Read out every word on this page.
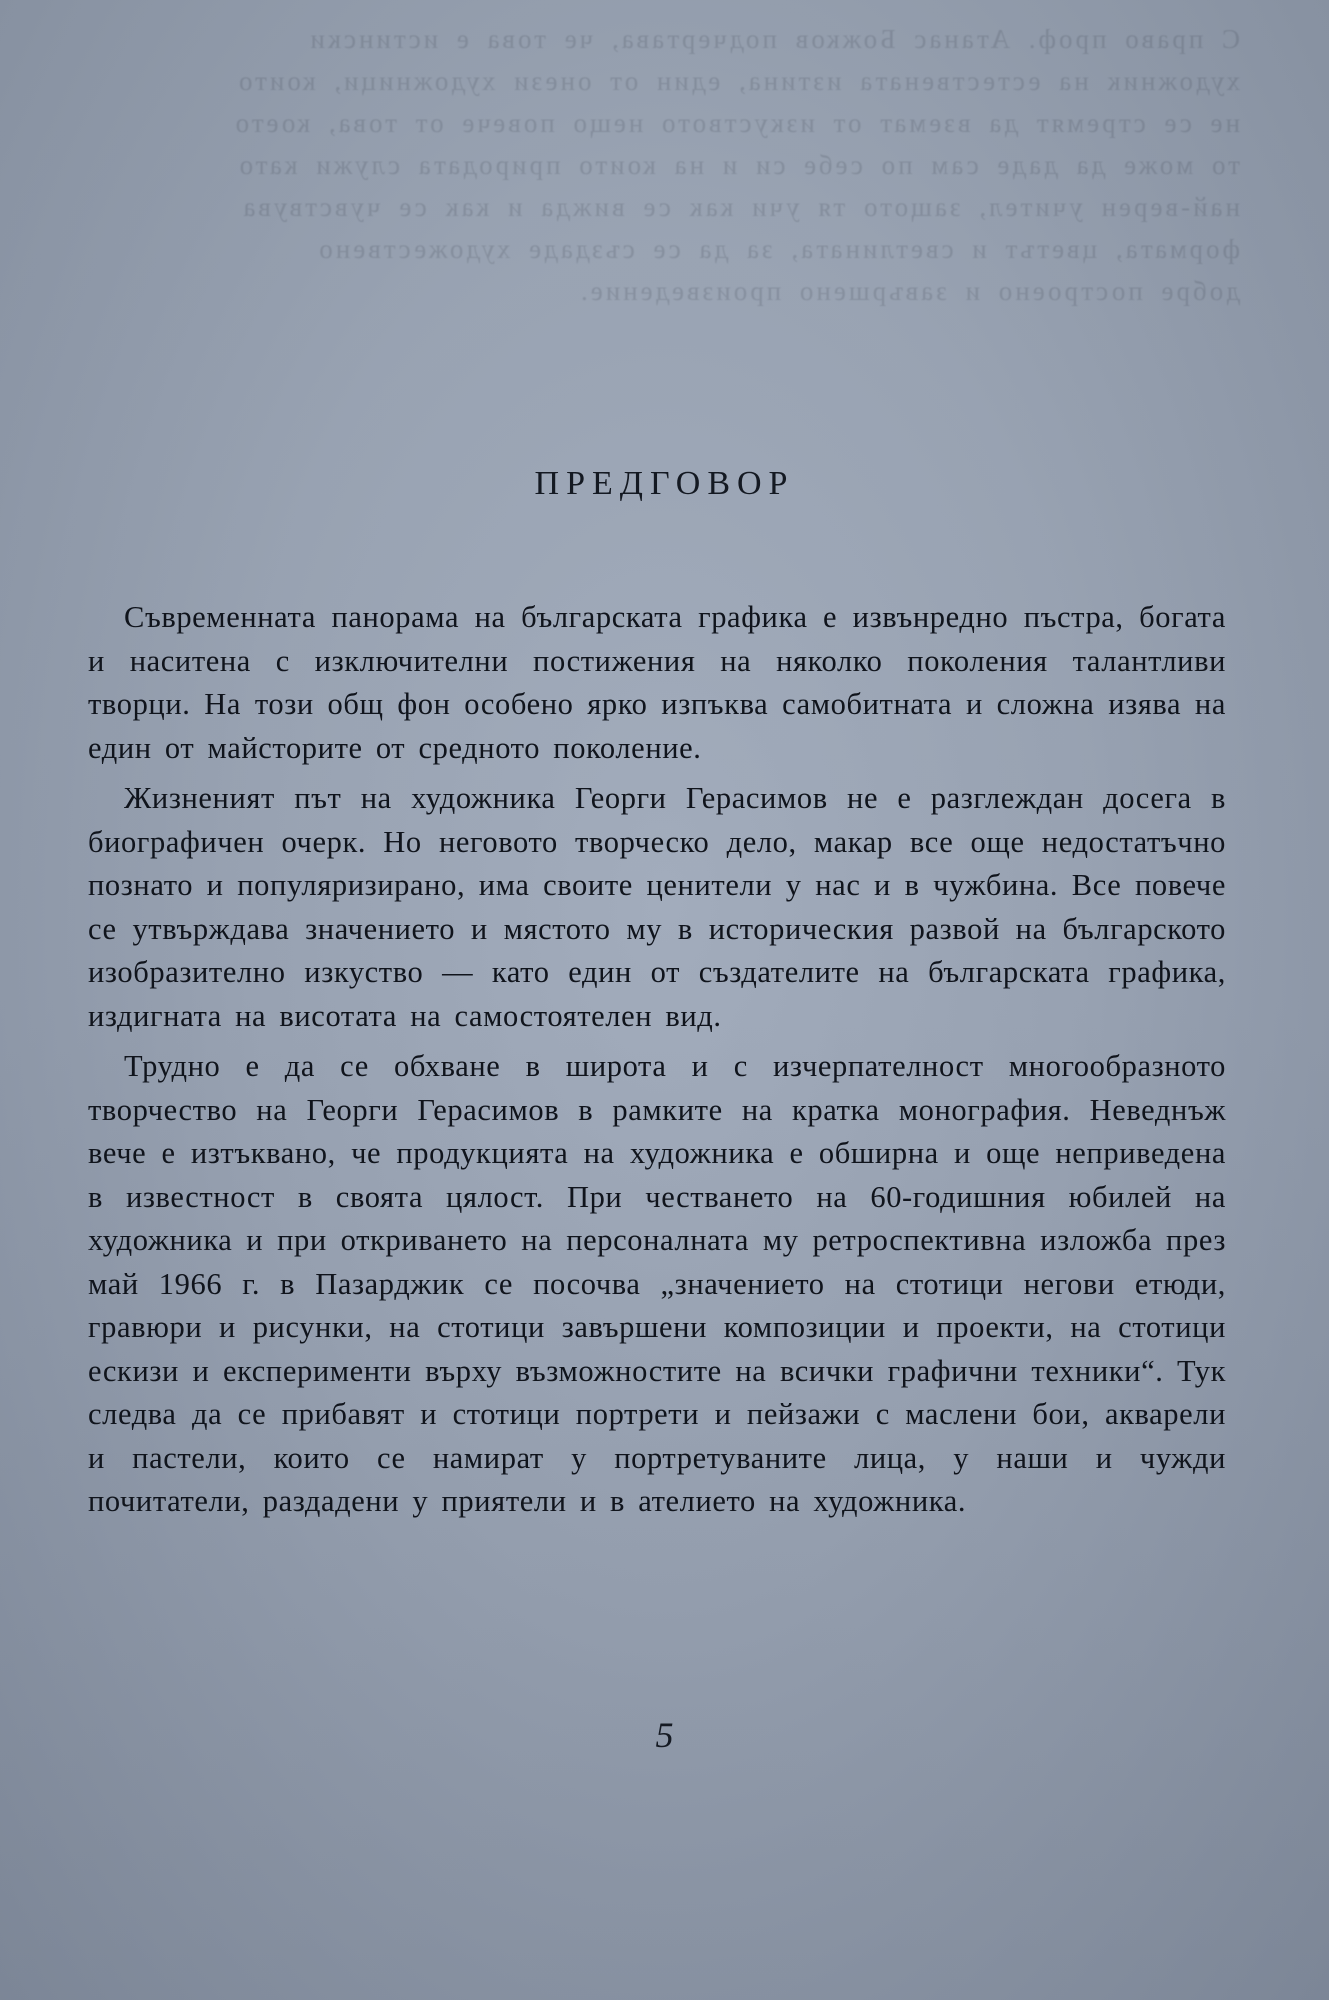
С право проф. Атанас Божков подчертава, че това е истински
художник на естествената изтина, един от онези художници, които
не се стремят да вземат от изкуството нещо повече от това, което
то може да даде сам по себе си и на които природата служи като
най-верен учител, защото тя учи как се вижда и как се чувствува
формата, цветът и светлината, за да се създаде художествено
добре построено и завършено произведение.
ПРЕДГОВОР

Съвременната панорама на българската графика е извънредно пъстра, богата и наситена с изключителни постижения на няколко поколения талантливи творци. На този общ фон особено ярко изпъква самобитната и сложна изява на един от майсторите от средното поколение.

Жизненият път на художника Георги Герасимов не е разглеждан досега в биографичен очерк. Но неговото творческо дело, макар все още недостатъчно познато и популяризирано, има своите ценители у нас и в чужбина. Все повече се утвърждава значението и мястото му в историческия развой на българското изобразително изкуство — като един от създателите на българската графика, издигната на висотата на самостоятелен вид.

Трудно е да се обхване в широта и с изчерпателност многообразното творчество на Георги Герасимов в рамките на кратка монография. Неведнъж вече е изтъквано, че продукцията на художника е обширна и още неприведена в известност в своята цялост. При честването на 60-годишния юбилей на художника и при откриването на персоналната му ретроспективна изложба през май 1966 г. в Пазарджик се посочва „значението на стотици негови етюди, гравюри и рисунки, на стотици завършени композиции и проекти, на стотици ескизи и експерименти върху възможностите на всички графични техники“. Тук следва да се прибавят и стотици портрети и пейзажи с маслени бои, акварели и пастели, които се намират у портретуваните лица, у наши и чужди почитатели, раздадени у приятели и в ателието на художника.

5
